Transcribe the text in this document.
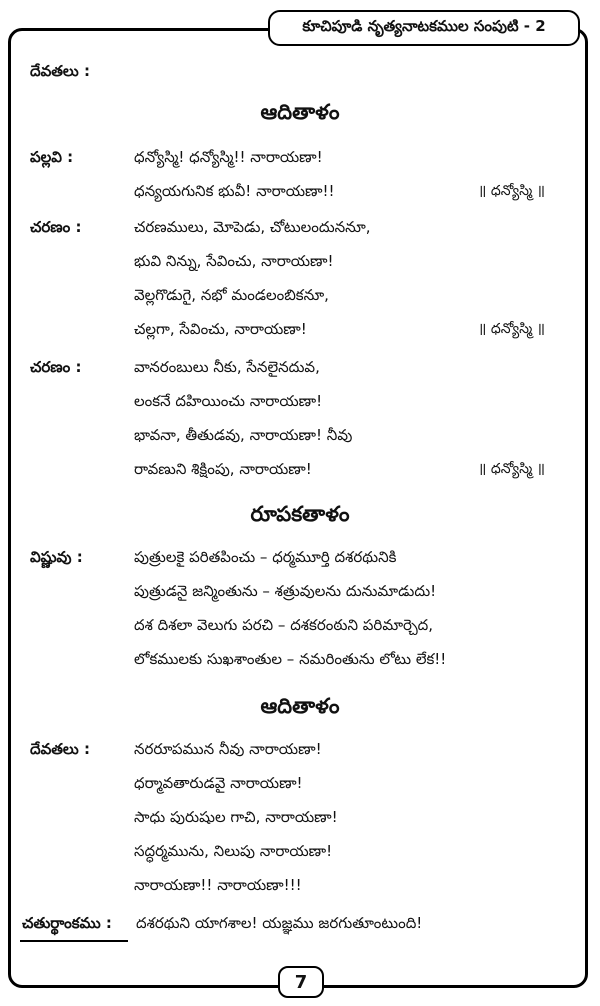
కూచిపూడి నృత్యనాటకముల సంపుటి - 2
దేవతలు :
ఆదితాళం
పల్లవి :	ధన్యోస్మి! ధన్యోస్మి!! నారాయణా!
ధన్యయగునిక భువీ! నారాయణా!!	॥ ధన్యోస్మి ॥
చరణం :	చరణములు, మోపెడు, చోటులందుననూ,
భువి నిన్ను, సేవించు, నారాయణా!
వెల్లగొడుగై, నభో మండలంబికనూ,
చల్లగా, సేవించు, నారాయణా!	॥ ధన్యోస్మి ॥
చరణం :	వానరంబులు నీకు, సేనలైనదువ,
లంకనే దహియించు నారాయణా!
భావనా, తీతుడవు, నారాయణా! నీవు
రావణుని శిక్షింపు, నారాయణా!	॥ ధన్యోస్మి ॥
రూపకతాళం
విష్ణువు :	పుత్రులకై పరితపించు – ధర్మమూర్తి దశరథునికి
పుత్రుడనై జన్మింతును – శత్రువులను దునుమాడుదు!
దశ దిశలా వెలుగు పరచి – దశకరంఠుని పరిమార్చెద,
లోకములకు సుఖశాంతుల – నమరింతును లోటు లేక!!
ఆదితాళం
దేవతలు :	నరరూపమున నీవు నారాయణా!
ధర్మావతారుడవై నారాయణా!
సాధు పురుషుల గాచి, నారాయణా!
సద్ధర్మమును, నిలుపు నారాయణా!
నారాయణా!! నారాయణా!!!
చతుర్థాంకము : దశరథుని యాగశాల! యజ్ఞము జరగుతూంటుంది!
7
